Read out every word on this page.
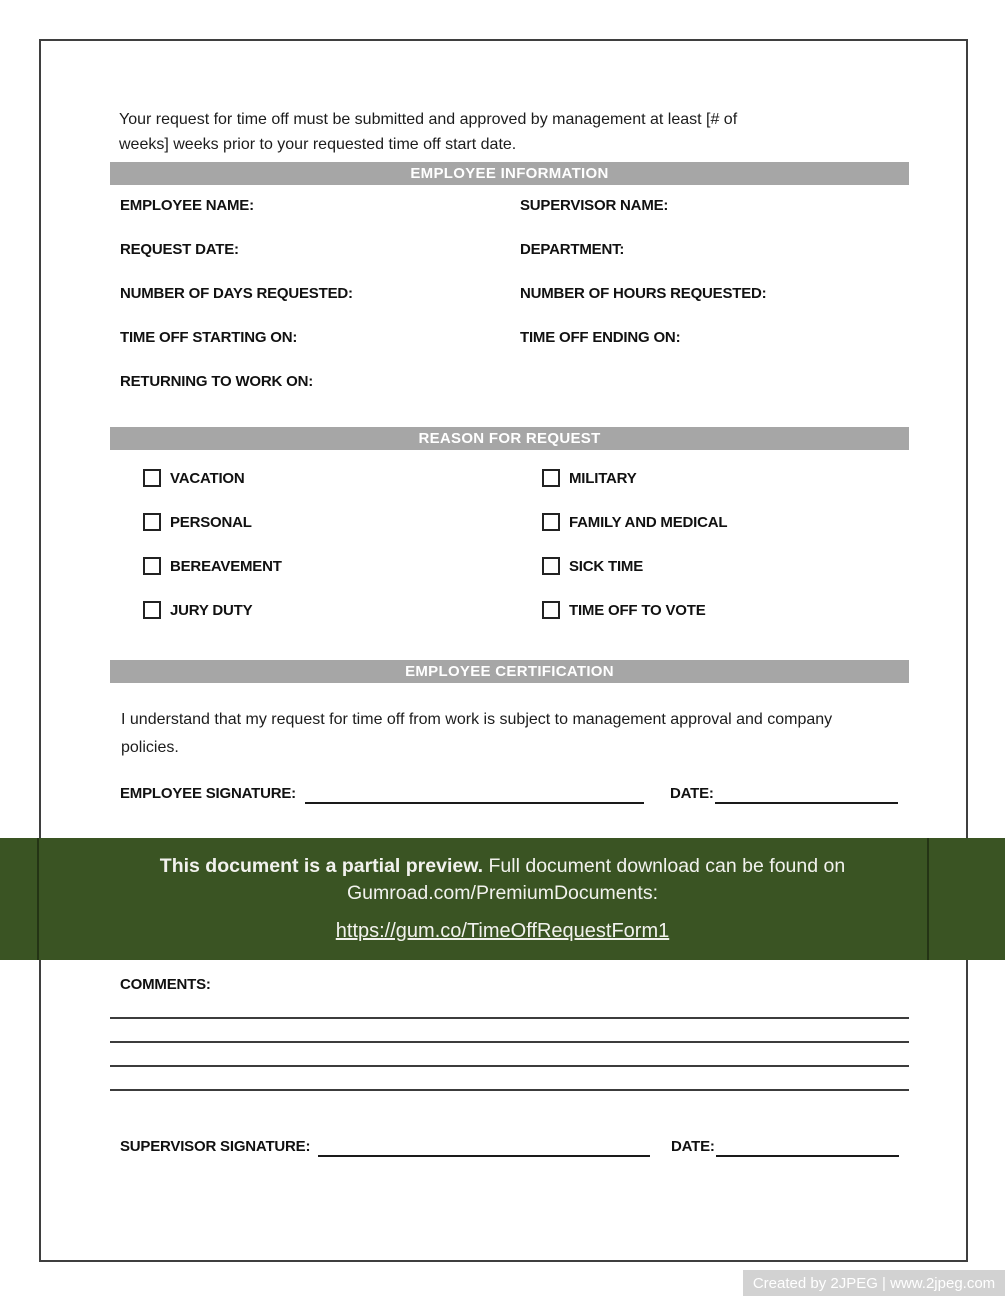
Your request for time off must be submitted and approved by management at least [# of
weeks] weeks prior to your requested time off start date.
EMPLOYEE INFORMATION
EMPLOYEE NAME:	SUPERVISOR NAME:
REQUEST DATE:	DEPARTMENT:
NUMBER OF DAYS REQUESTED:	NUMBER OF HOURS REQUESTED:
TIME OFF STARTING ON:	TIME OFF ENDING ON:
RETURNING TO WORK ON:
REASON FOR REQUEST
VACATION	MILITARY
PERSONAL	FAMILY AND MEDICAL
BEREAVEMENT	SICK TIME
JURY DUTY	TIME OFF TO VOTE
EMPLOYEE CERTIFICATION
I understand that my request for time off from work is subject to management approval and company
policies.
EMPLOYEE SIGNATURE:	DATE:
COMMENTS:
SUPERVISOR SIGNATURE:	DATE:
This document is a partial preview. Full document download can be found on
Gumroad.com/PremiumDocuments:
https://gum.co/TimeOffRequestForm1
Created by 2JPEG | www.2jpeg.com
